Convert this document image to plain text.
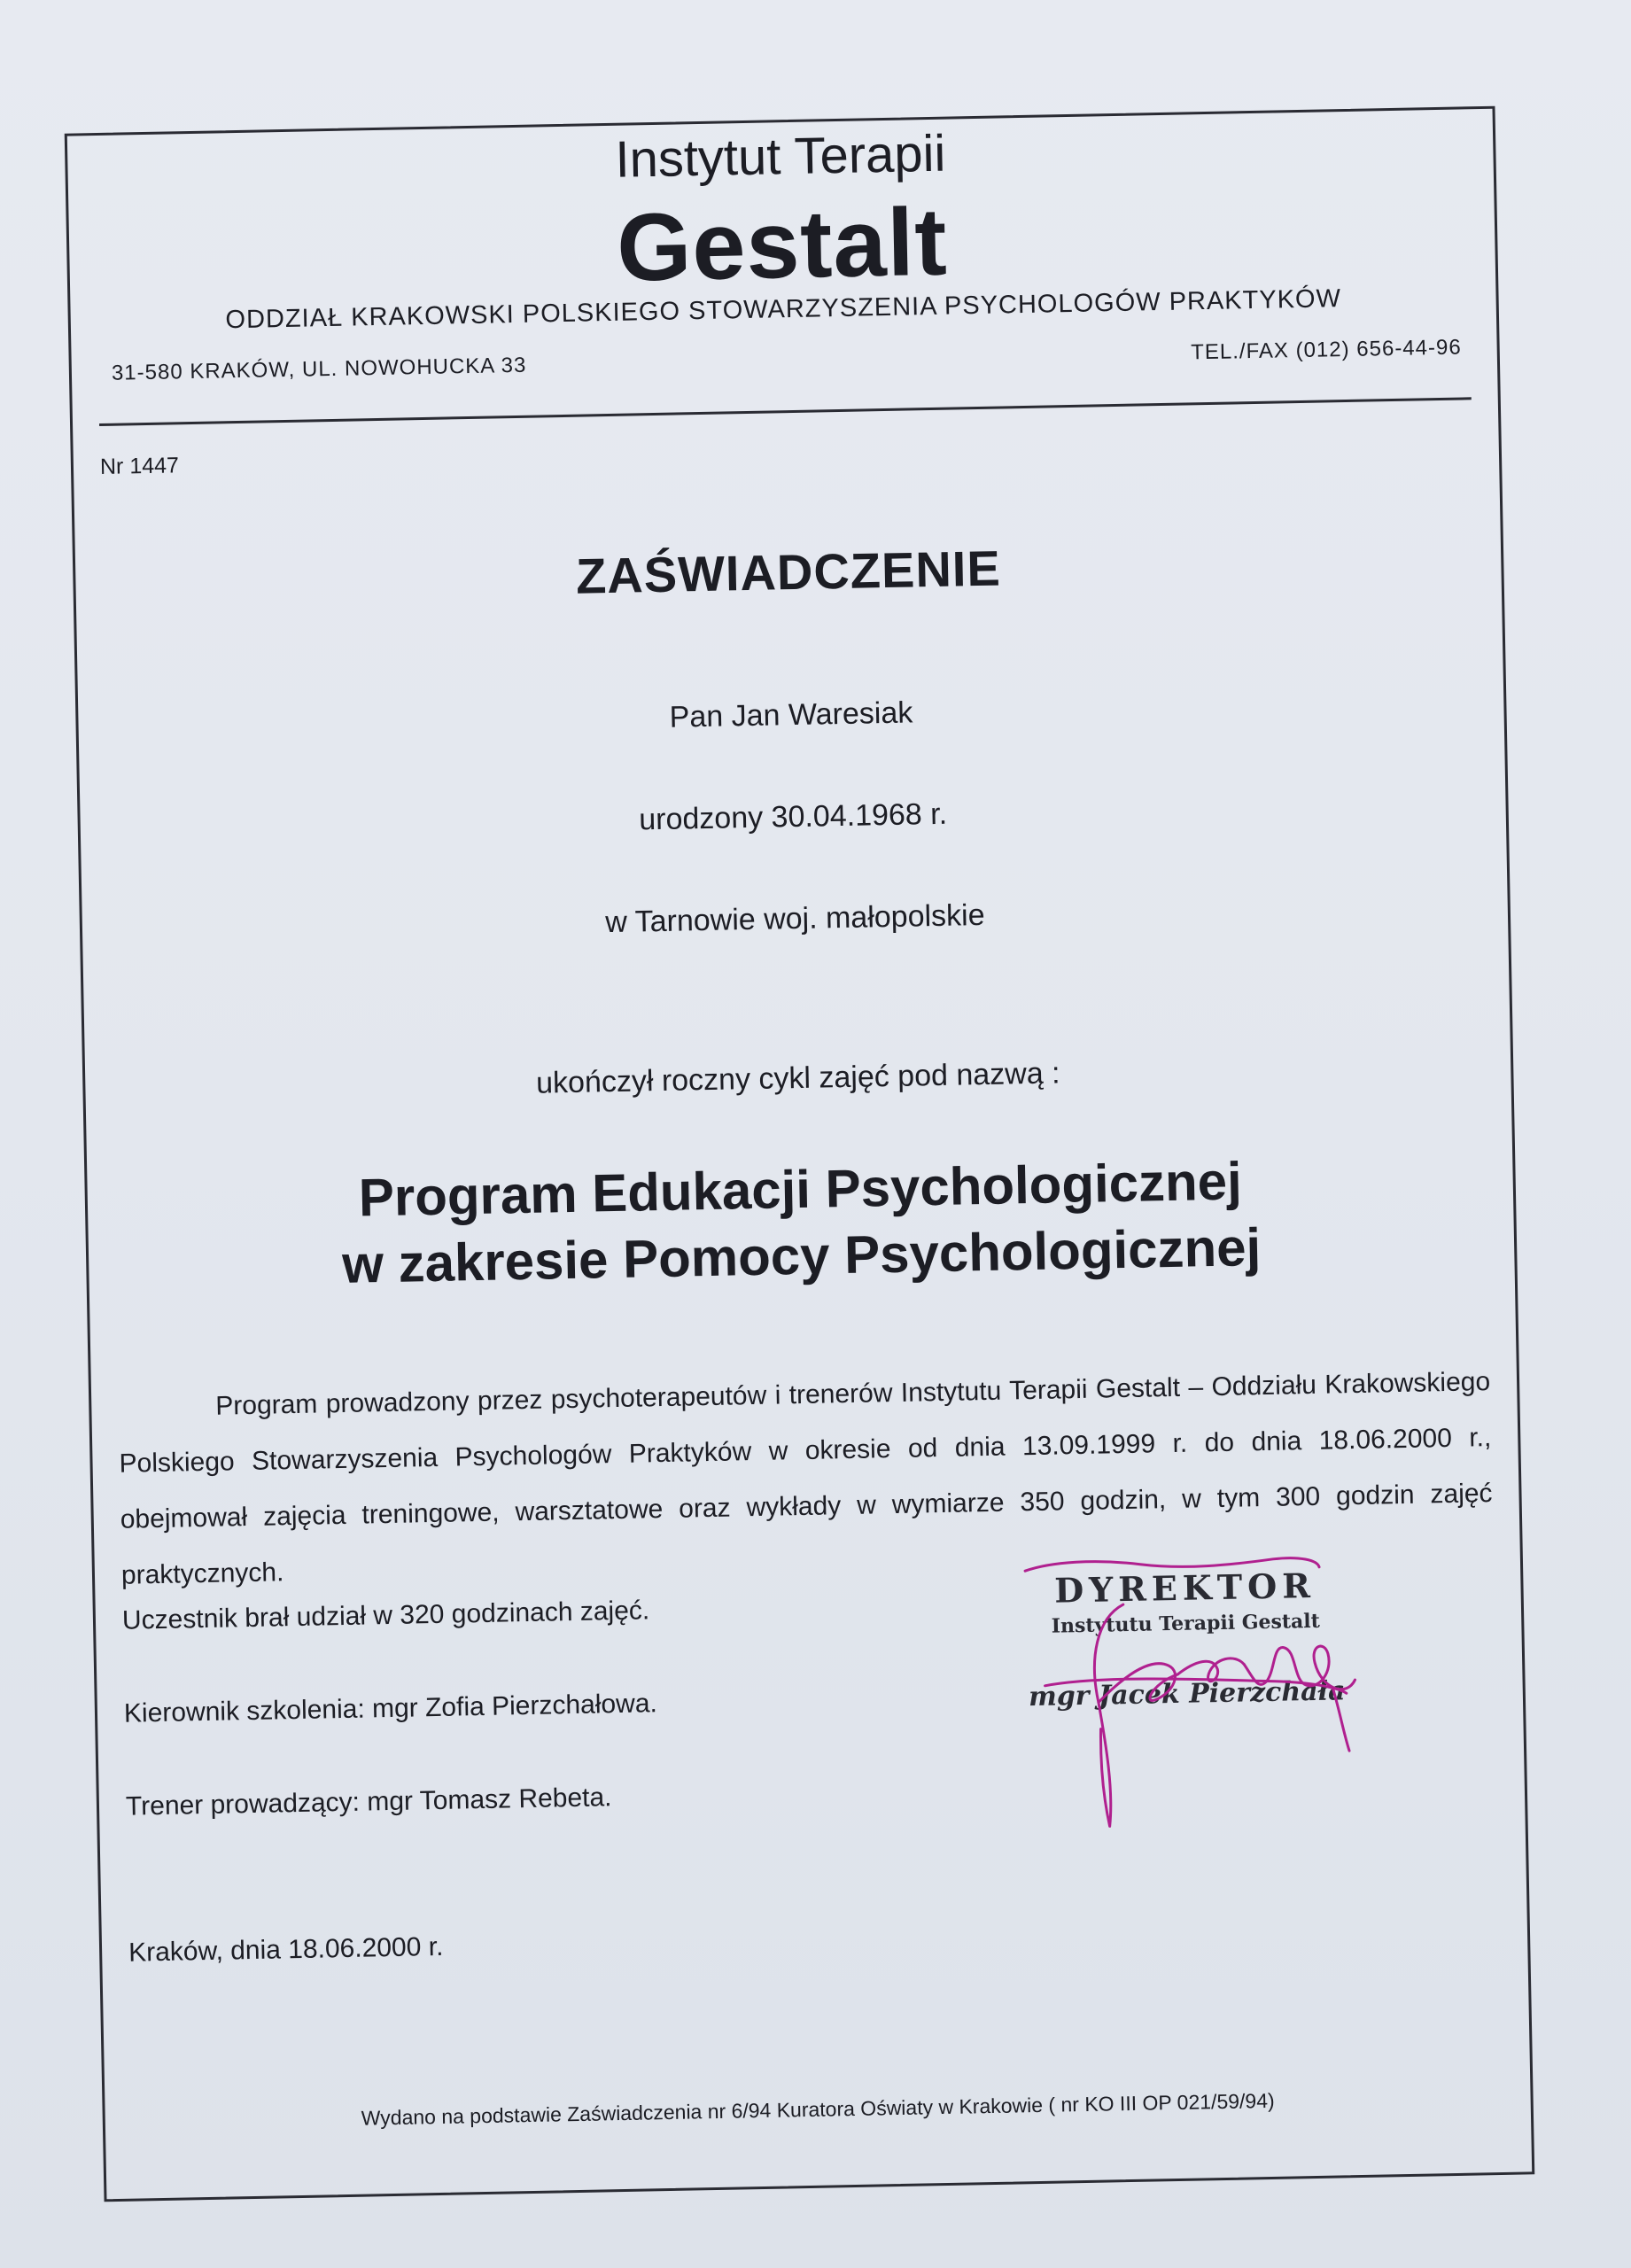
Instytut Terapii
Gestalt
ODDZIAŁ KRAKOWSKI POLSKIEGO STOWARZYSZENIA PSYCHOLOGÓW PRAKTYKÓW
31-580 KRAKÓW, UL. NOWOHUCKA 33
TEL./FAX (012) 656-44-96
Nr 1447
ZAŚWIADCZENIE
Pan Jan Waresiak
urodzony 30.04.1968 r.
w Tarnowie woj. małopolskie
ukończył roczny cykl zajęć pod nazwą :
Program Edukacji Psychologicznej
w zakresie Pomocy Psychologicznej
Program prowadzony przez psychoterapeutów i trenerów Instytutu Terapii Gestalt – Oddziału Krakowskiego Polskiego Stowarzyszenia Psychologów Praktyków w okresie od dnia 13.09.1999 r. do dnia 18.06.2000 r., obejmował zajęcia treningowe, warsztatowe oraz wykłady w wymiarze 350 godzin, w tym 300 godzin zajęć praktycznych.
Uczestnik brał udział w 320 godzinach zajęć.
Kierownik szkolenia: mgr Zofia Pierzchałowa.
Trener prowadzący: mgr Tomasz Rebeta.
Kraków, dnia 18.06.2000 r.
DYREKTOR
Instytutu Terapii Gestalt
mgr Jacek Pierzchała
Wydano na podstawie Zaświadczenia nr 6/94 Kuratora Oświaty w Krakowie ( nr KO III OP 021/59/94)
